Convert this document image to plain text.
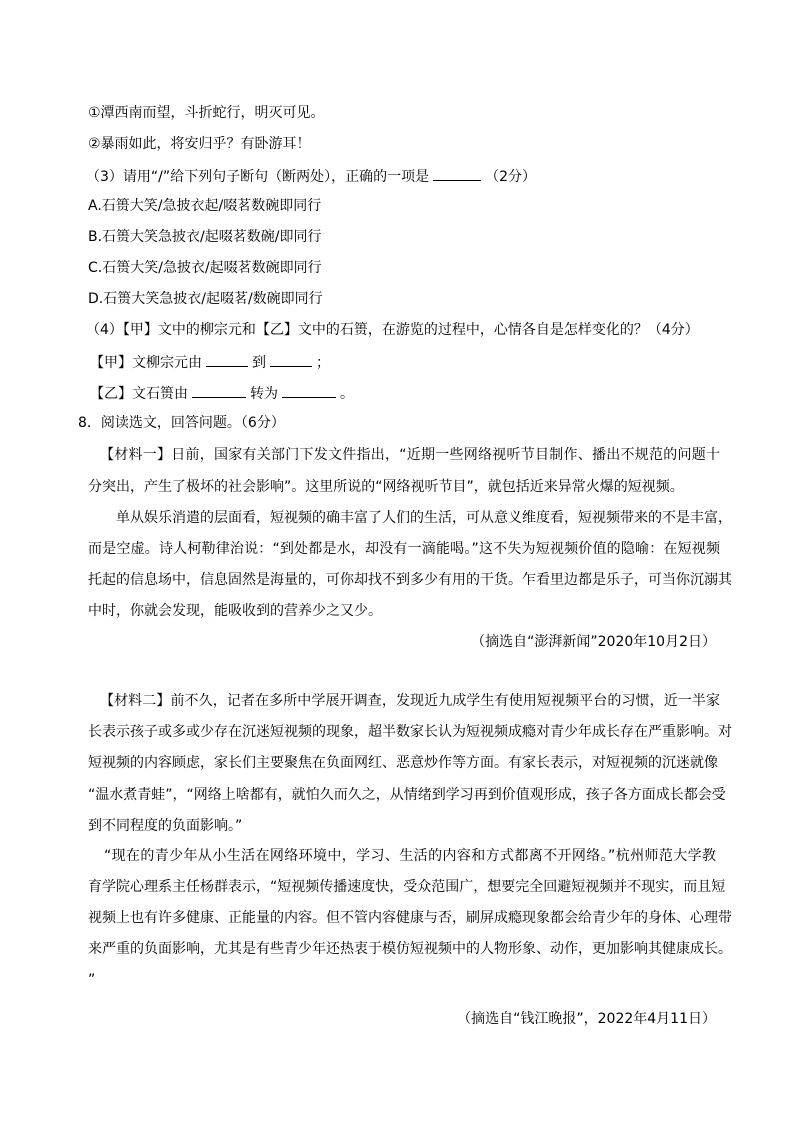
①潭西南而望，斗折蛇行，明灭可见。
②暴雨如此，将安归乎？有卧游耳！
（3）请用“/”给下列句子断句（断两处），正确的一项是	（2分）
A.石篑大笑/急披衣起/啜茗数碗即同行
B.石篑大笑急披衣/起啜茗数碗/即同行
C.石篑大笑/急披衣/起啜茗数碗即同行
D.石篑大笑急披衣/起啜茗/数碗即同行
（4）【甲】文中的柳宗元和【乙】文中的石篑，在游览的过程中，心情各自是怎样变化的？（4分）
【甲】文柳宗元由	到	；
【乙】文石篑由	转为	。
8．阅读选文，回答问题。（6分）
【材料一】日前，国家有关部门下发文件指出，“近期一些网络视听节目制作、播出不规范的问题十
分突出，产生了极坏的社会影响”。这里所说的“网络视听节目”，就包括近来异常火爆的短视频。
单从娱乐消遣的层面看，短视频的确丰富了人们的生活，可从意义维度看，短视频带来的不是丰富，
而是空虚。诗人柯勒律治说：“到处都是水，却没有一滴能喝。”这不失为短视频价值的隐喻：在短视频
托起的信息场中，信息固然是海量的，可你却找不到多少有用的干货。乍看里边都是乐子，可当你沉溺其
中时，你就会发现，能吸收到的营养少之又少。
（摘选自“澎湃新闻”2020年10月2日）
【材料二】前不久，记者在多所中学展开调查，发现近九成学生有使用短视频平台的习惯，近一半家
长表示孩子或多或少存在沉迷短视频的现象，超半数家长认为短视频成瘾对青少年成长存在严重影响。对
短视频的内容顾虑，家长们主要聚焦在负面网红、恶意炒作等方面。有家长表示，对短视频的沉迷就像
“温水煮青蛙”，“网络上啥都有，就怕久而久之，从情绪到学习再到价值观形成，孩子各方面成长都会受
到不同程度的负面影响。”
“现在的青少年从小生活在网络环境中，学习、生活的内容和方式都离不开网络。”杭州师范大学教
育学院心理系主任杨群表示，“短视频传播速度快，受众范围广，想要完全回避短视频并不现实，而且短
视频上也有许多健康、正能量的内容。但不管内容健康与否，刷屏成瘾现象都会给青少年的身体、心理带
来严重的负面影响，尤其是有些青少年还热衷于模仿短视频中的人物形象、动作，更加影响其健康成长。
”
（摘选自“钱江晚报”，2022年4月11日）
